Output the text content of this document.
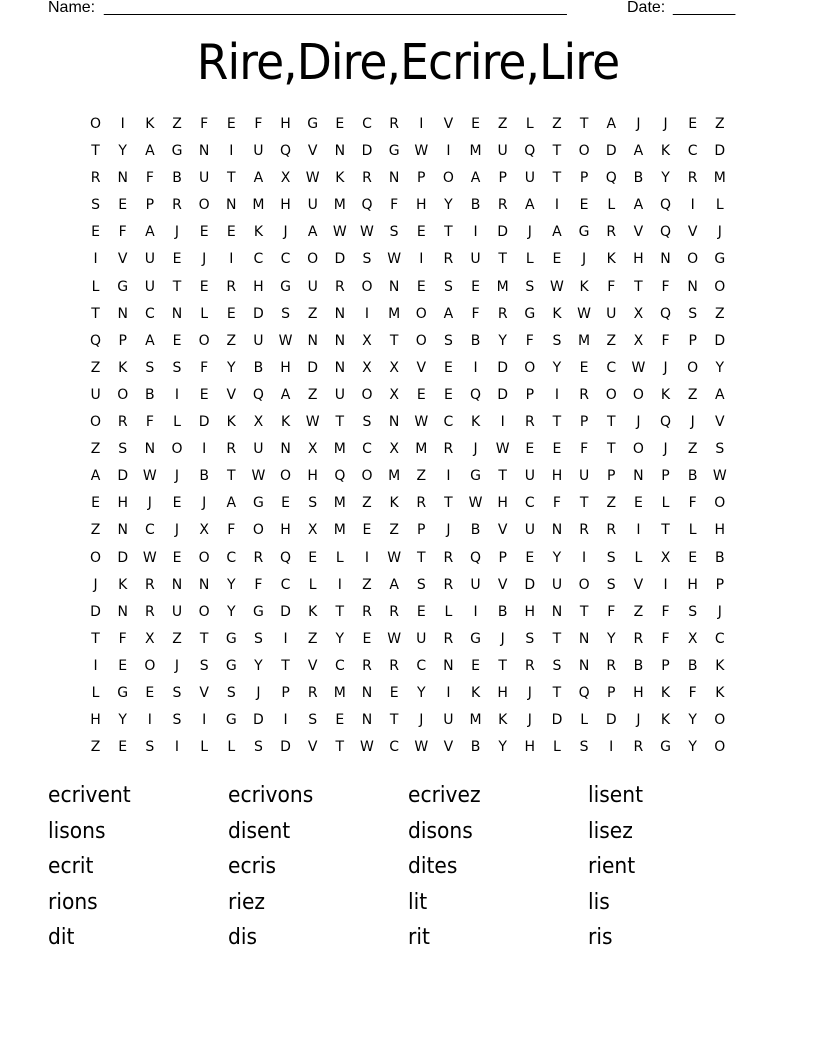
Name: ____________________________________________________	Date: _______
Rire,Dire,Ecrire,Lire
O	I	K	Z	F	E	F	H	G	E	C	R	I	V	E	Z	L	Z	T	A	J	J	E	Z
T	Y	A	G	N	I	U	Q	V	N	D	G	W	I	M	U	Q	T	O	D	A	K	C	D
R	N	F	B	U	T	A	X	W	K	R	N	P	O	A	P	U	T	P	Q	B	Y	R	M
S	E	P	R	O	N	M	H	U	M	Q	F	H	Y	B	R	A	I	E	L	A	Q	I	L
E	F	A	J	E	E	K	J	A	W W	S	E	T	I	D	J	A	G	R	V	Q	V	J
I	V	U	E	J	I	C	C	O	D	S	W	I	R	U	T	L	E	J	K	H	N	O	G
L	G	U	T	E	R	H	G	U	R	O	N	E	S	E	M	S	W	K	F	T	F	N	O
T	N	C	N	L	E	D	S	Z	N	I	M	O	A	F	R	G	K	W	U	X	Q	S	Z
Q	P	A	E	O	Z	U	W	N	N	X	T	O	S	B	Y	F	S	M	Z	X	F	P	D
Z	K	S	S	F	Y	B	H	D	N	X	X	V	E	I	D	O	Y	E	C	W	J	O	Y
U	O	B	I	E	V	Q	A	Z	U	O	X	E	E	Q	D	P	I	R	O	O	K	Z	A
O	R	F	L	D	K	X	K	W	T	S	N	W	C	K	I	R	T	P	T	J	Q	J	V
Z	S	N	O	I	R	U	N	X	M	C	X	M	R	J	W	E	E	F	T	O	J	Z	S
A	D	W	J	B	T	W	O	H	Q	O	M	Z	I	G	T	U	H	U	P	N	P	B	W
E	H	J	E	J	A	G	E	S	M	Z	K	R	T	W	H	C	F	T	Z	E	L	F	O
Z	N	C	J	X	F	O	H	X	M	E	Z	P	J	B	V	U	N	R	R	I	T	L	H
O	D	W	E	O	C	R	Q	E	L	I	W	T	R	Q	P	E	Y	I	S	L	X	E	B
J	K	R	N	N	Y	F	C	L	I	Z	A	S	R	U	V	D	U	O	S	V	I	H	P
D	N	R	U	O	Y	G	D	K	T	R	R	E	L	I	B	H	N	T	F	Z	F	S	J
T	F	X	Z	T	G	S	I	Z	Y	E	W	U	R	G	J	S	T	N	Y	R	F	X	C
I	E	O	J	S	G	Y	T	V	C	R	R	C	N	E	T	R	S	N	R	B	P	B	K
L	G	E	S	V	S	J	P	R	M	N	E	Y	I	K	H	J	T	Q	P	H	K	F	K
H	Y	I	S	I	G	D	I	S	E	N	T	J	U	M	K	J	D	L	D	J	K	Y	O
Z	E	S	I	L	L	S	D	V	T	W	C	W	V	B	Y	H	L	S	I	R	G	Y	O
ecrivent	ecrivons	ecrivez	lisent
lisons	disent	disons	lisez
ecrit	ecris	dites	rient
rions	riez	lit	lis
dit	dis	rit	ris
